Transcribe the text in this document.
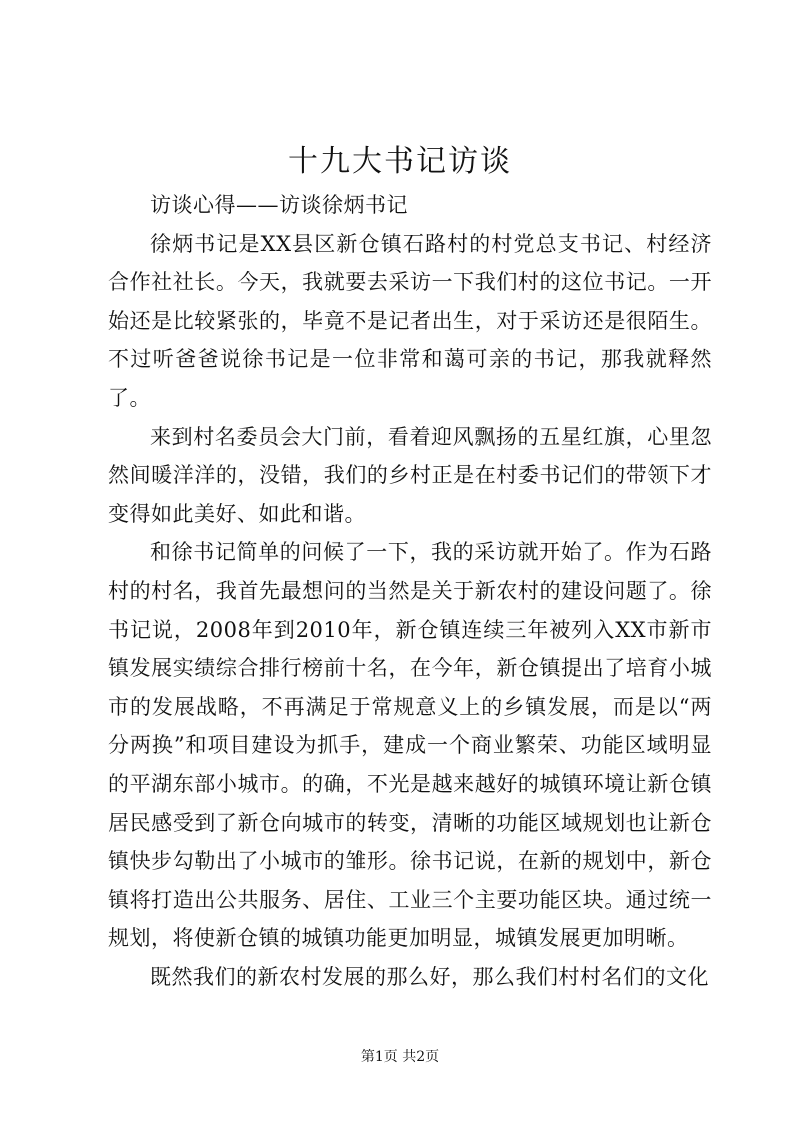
十九大书记访谈

访谈心得——访谈徐炳书记

徐炳书记是XX县区新仓镇石路村的村党总支书记、村经济合作社社长。今天，我就要去采访一下我们村的这位书记。一开始还是比较紧张的，毕竟不是记者出生，对于采访还是很陌生。不过听爸爸说徐书记是一位非常和蔼可亲的书记，那我就释然了。

来到村名委员会大门前，看着迎风飘扬的五星红旗，心里忽然间暖洋洋的，没错，我们的乡村正是在村委书记们的带领下才变得如此美好、如此和谐。

和徐书记简单的问候了一下，我的采访就开始了。作为石路村的村名，我首先最想问的当然是关于新农村的建设问题了。徐书记说，2008年到2010年，新仓镇连续三年被列入XX市新市镇发展实绩综合排行榜前十名，在今年，新仓镇提出了培育小城市的发展战略，不再满足于常规意义上的乡镇发展，而是以“两分两换”和项目建设为抓手，建成一个商业繁荣、功能区域明显的平湖东部小城市。的确，不光是越来越好的城镇环境让新仓镇居民感受到了新仓向城市的转变，清晰的功能区域规划也让新仓镇快步勾勒出了小城市的雏形。徐书记说，在新的规划中，新仓镇将打造出公共服务、居住、工业三个主要功能区块。通过统一规划，将使新仓镇的城镇功能更加明显，城镇发展更加明晰。

既然我们的新农村发展的那么好，那么我们村村名们的文化

第1页 共2页
